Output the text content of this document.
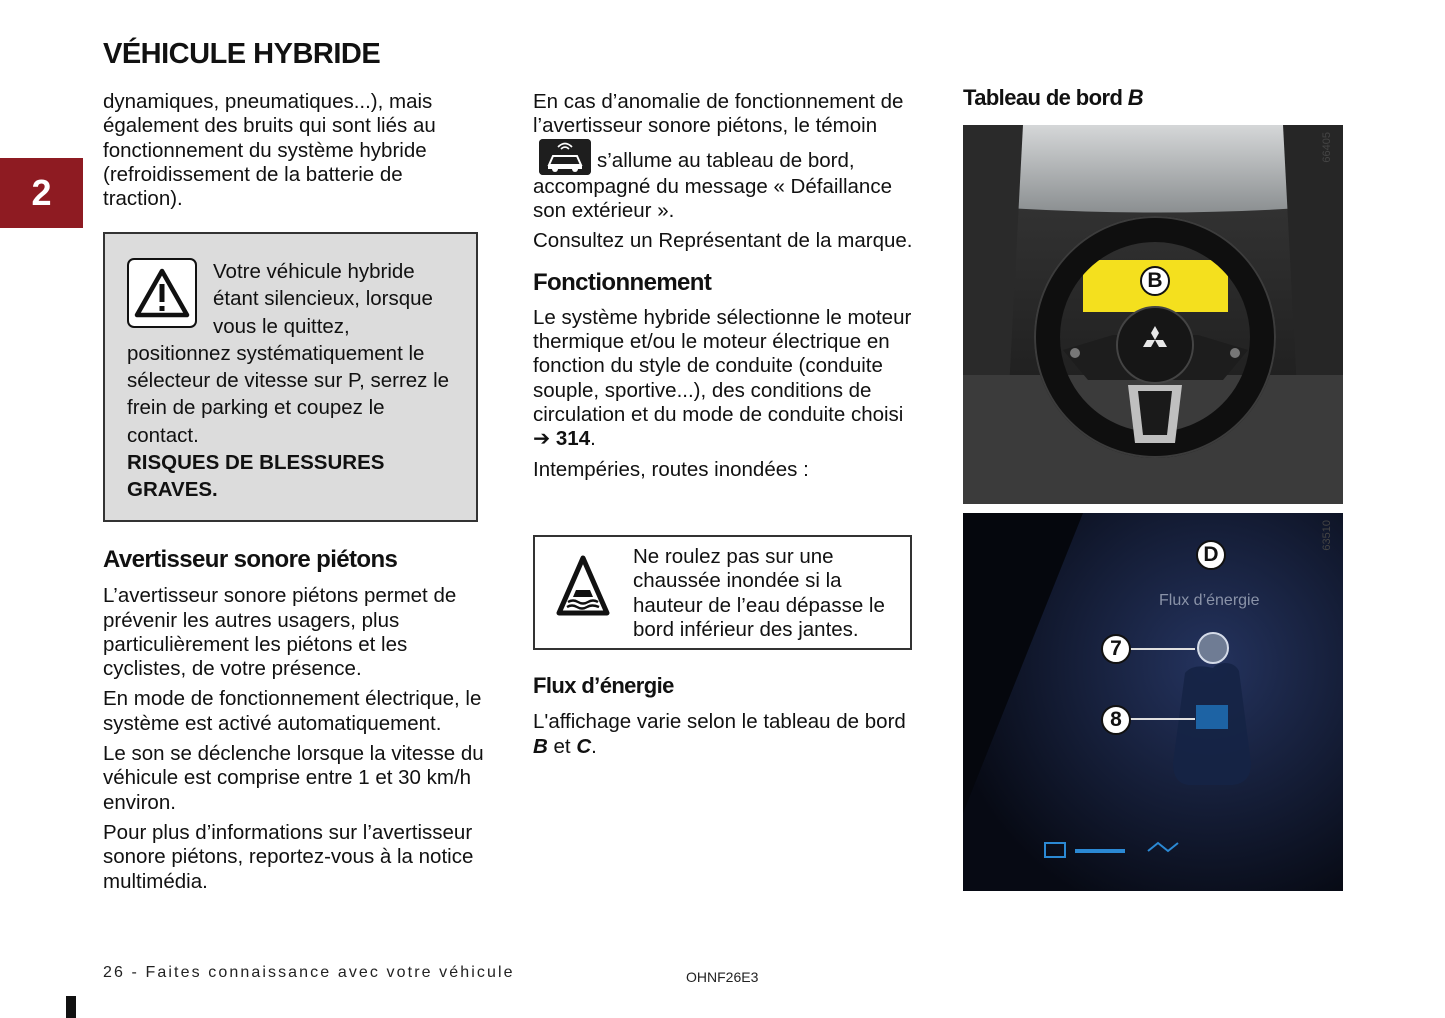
VÉHICULE HYBRIDE
2

dynamiques, pneumatiques...), mais également des bruits qui sont liés au fonctionnement du système hybride (refroidissement de la batterie de traction).

Votre véhicule hybride étant silencieux, lorsque vous le quittez, positionnez systématiquement le sélecteur de vitesse sur P, serrez le frein de parking et coupez le contact.
RISQUES DE BLESSURES GRAVES.
Avertisseur sonore piétons

L’avertisseur sonore piétons permet de prévenir les autres usagers, plus particulièrement les piétons et les cyclistes, de votre présence.

En mode de fonctionnement électrique, le système est activé automatiquement.

Le son se déclenche lorsque la vitesse du véhicule est comprise entre 1 et 30 km/h environ.

Pour plus d’informations sur l’avertisseur sonore piétons, reportez-vous à la notice multimédia.

En cas d’anomalie de fonctionnement de l’avertisseur sonore piétons, le témoins’allume au tableau de bord, accompagné du message « Défaillance son extérieur ».

Consultez un Représentant de la marque.

Fonctionnement

Le système hybride sélectionne le moteur thermique et/ou le moteur électrique en fonction du style de conduite (conduite souple, sportive...), des conditions de circulation et du mode de conduite choisi ➔ 314.

Intempéries, routes inondées :

Ne roulez pas sur une chaussée inondée si la hauteur de l’eau dépasse le bord inférieur des jantes.
Flux d’énergie

L'affichage varie selon le tableau de bord B et C.

Tableau de bord B
B
66405
Flux d’énergie
D
7
8
63510
26 - Faites connaissance avec votre véhicule	OHNF26E3
